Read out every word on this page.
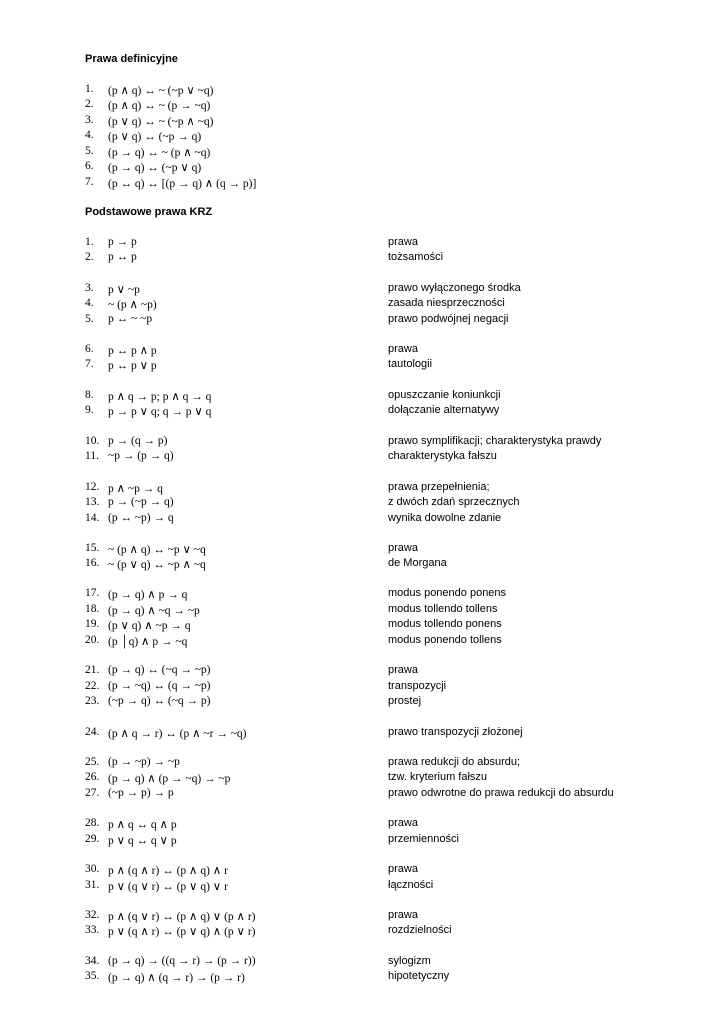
Prawa definicyjne
1. (p ∧ q) ↔ ~ (~p ∨ ~q)
2. (p ∧ q) ↔ ~ (p → ~q)
3. (p ∨ q) ↔ ~ (~p ∧ ~q)
4. (p ∨ q) ↔ (~p → q)
5. (p → q) ↔ ~ (p ∧ ~q)
6. (p → q) ↔ (~p ∨ q)
7. (p ↔ q) ↔ [(p → q) ∧ (q → p)]
Podstawowe prawa KRZ
1. p → p	prawa
2. p ↔ p	tożsamości
3. p ∨ ~p	prawo wyłączonego środka
4. ~ (p ∧ ~p)	zasada niesprzeczności
5. p ↔ ~ ~p	prawo podwójnej negacji
6. p ↔ p ∧ p	prawa
7. p ↔ p ∨ p	tautologii
8. p ∧ q → p; p ∧ q → q	opuszczanie koniunkcji
9. p → p ∨ q; q → p ∨ q	dołączanie alternatywy
10. p → (q → p)	prawo symplifikacji; charakterystyka prawdy
11. ~p → (p → q)	charakterystyka fałszu
12. p ∧ ~p → q	prawa przepełnienia;
13. p → (~p → q)	z dwóch zdań sprzecznych
14. (p ↔ ~p) → q	wynika dowolne zdanie
15. ~ (p ∧ q) ↔ ~p ∨ ~q	prawa
16. ~ (p ∨ q) ↔ ~p ∧ ~q	de Morgana
17. (p → q) ∧ p → q	modus ponendo ponens
18. (p → q) ∧ ~q → ~p	modus tollendo tollens
19. (p ∨ q) ∧ ~p → q	modus tollendo ponens
20. (p │q) ∧ p → ~q	modus ponendo tollens
21. (p → q) ↔ (~q → ~p)	prawa
22. (p → ~q) ↔ (q → ~p)	transpozycji
23. (~p → q) ↔ (~q → p)	prostej
24. (p ∧ q → r) ↔ (p ∧ ~r → ~q)	prawo transpozycji złożonej
25. (p → ~p) → ~p	prawa redukcji do absurdu;
26. (p → q) ∧ (p → ~q) → ~p	tzw. kryterium fałszu
27. (~p → p) → p	prawo odwrotne do prawa redukcji do absurdu
28. p ∧ q ↔ q ∧ p	prawa
29. p ∨ q ↔ q ∨ p	przemienności
30. p ∧ (q ∧ r) ↔ (p ∧ q) ∧ r	prawa
31. p ∨ (q ∨ r) ↔ (p ∨ q) ∨ r	łączności
32. p ∧ (q ∨ r) ↔ (p ∧ q) ∨ (p ∧ r)	prawa
33. p ∨ (q ∧ r) ↔ (p ∨ q) ∧ (p ∨ r)	rozdzielności
34. (p → q) → ((q → r) → (p → r))	sylogizm
35. (p → q) ∧ (q → r) → (p → r)	hipotetyczny
